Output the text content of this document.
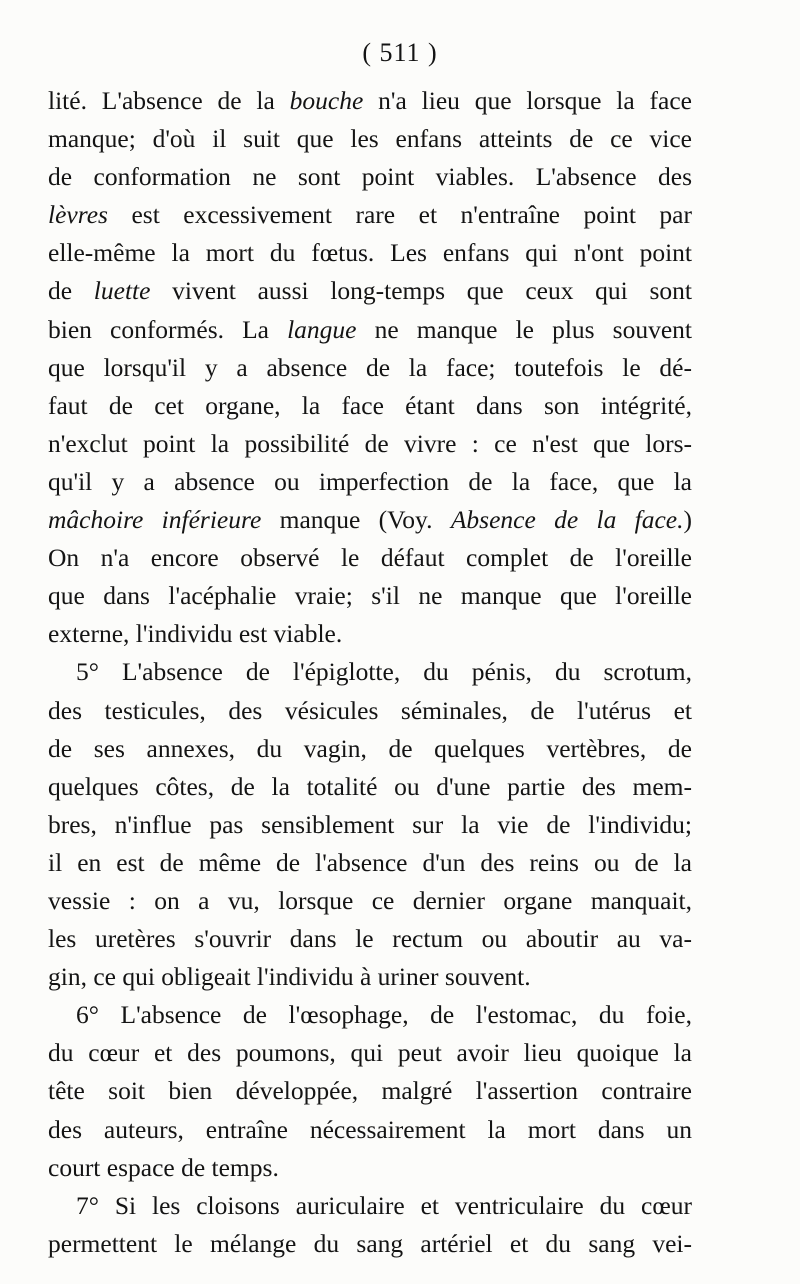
( 511 )
lité. L'absence de la bouche n'a lieu que lorsque la face
manque; d'où il suit que les enfans atteints de ce vice
de conformation ne sont point viables. L'absence des
lèvres est excessivement rare et n'entraîne point par
elle-même la mort du fœtus. Les enfans qui n'ont point
de luette vivent aussi long-temps que ceux qui sont
bien conformés. La langue ne manque le plus souvent
que lorsqu'il y a absence de la face; toutefois le dé-
faut de cet organe, la face étant dans son intégrité,
n'exclut point la possibilité de vivre : ce n'est que lors-
qu'il y a absence ou imperfection de la face, que la
mâchoire inférieure manque (Voy. Absence de la face.)
On n'a encore observé le défaut complet de l'oreille
que dans l'acéphalie vraie; s'il ne manque que l'oreille
externe, l'individu est viable.
5° L'absence de l'épiglotte, du pénis, du scrotum,
des testicules, des vésicules séminales, de l'utérus et
de ses annexes, du vagin, de quelques vertèbres, de
quelques côtes, de la totalité ou d'une partie des mem-
bres, n'influe pas sensiblement sur la vie de l'individu;
il en est de même de l'absence d'un des reins ou de la
vessie : on a vu, lorsque ce dernier organe manquait,
les uretères s'ouvrir dans le rectum ou aboutir au va-
gin, ce qui obligeait l'individu à uriner souvent.
6° L'absence de l'œsophage, de l'estomac, du foie,
du cœur et des poumons, qui peut avoir lieu quoique la
tête soit bien développée, malgré l'assertion contraire
des auteurs, entraîne nécessairement la mort dans un
court espace de temps.
7° Si les cloisons auriculaire et ventriculaire du cœur
permettent le mélange du sang artériel et du sang vei-
